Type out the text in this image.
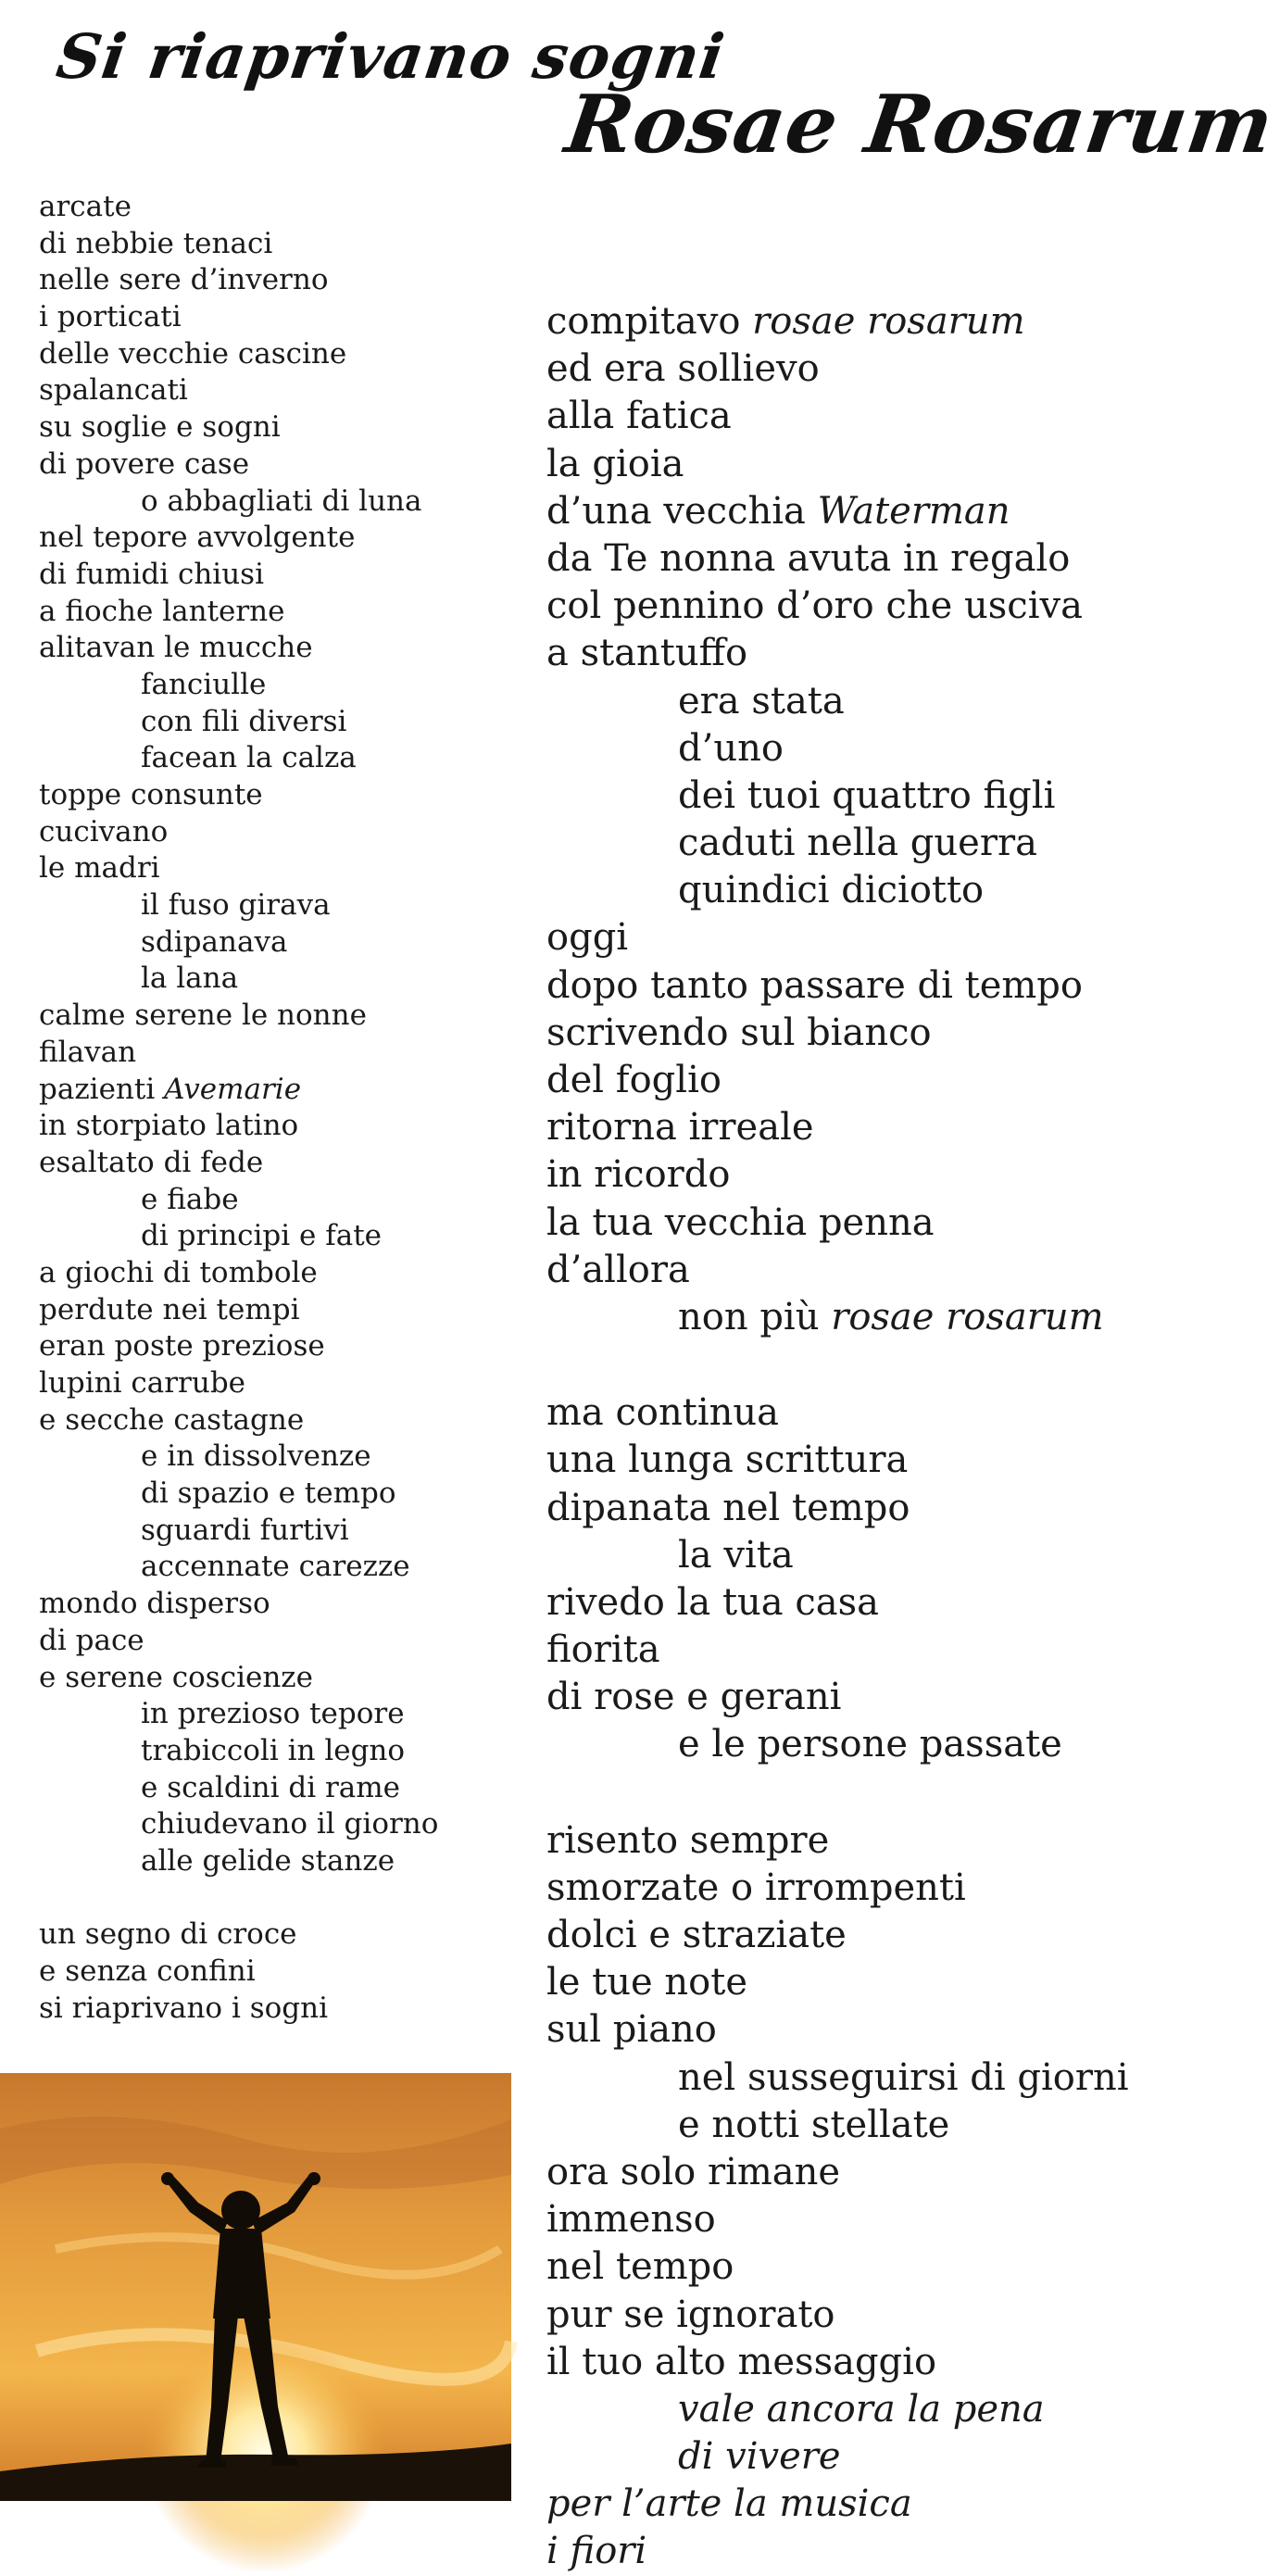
Si riaprivano sogni
Rosae Rosarum
arcate
di nebbie tenaci
nelle sere d’inverno
i porticati
delle vecchie cascine
spalancati
su soglie e sogni
di povere case
o abbagliati di luna
nel tepore avvolgente
di fumidi chiusi
a fioche lanterne
alitavan le mucche
fanciulle
con fili diversi
facean la calza
toppe consunte
cucivano
le madri
il fuso girava
sdipanava
la lana
calme serene le nonne
filavan
pazienti Avemarie
in storpiato latino
esaltato di fede
e fiabe
di principi e fate
a giochi di tombole
perdute nei tempi
eran poste preziose
lupini carrube
e secche castagne
e in dissolvenze
di spazio e tempo
sguardi furtivi
accennate carezze
mondo disperso
di pace
e serene coscienze
in prezioso tepore
trabiccoli in legno
e scaldini di rame
chiudevano il giorno
alle gelide stanze
un segno di croce
e senza confini
si riaprivano i sogni
compitavo rosae rosarum
ed era sollievo
alla fatica
la gioia
d’una vecchia Waterman
da Te nonna avuta in regalo
col pennino d’oro che usciva
a stantuffo
era stata
d’uno
dei tuoi quattro figli
caduti nella guerra
quindici diciotto
oggi
dopo tanto passare di tempo
scrivendo sul bianco
del foglio
ritorna irreale
in ricordo
la tua vecchia penna
d’allora
non più rosae rosarum
ma continua
una lunga scrittura
dipanata nel tempo
la vita
rivedo la tua casa
fiorita
di rose e gerani
e le persone passate
risento sempre
smorzate o irrompenti
dolci e straziate
le tue note
sul piano
nel susseguirsi di giorni
e notti stellate
ora solo rimane
immenso
nel tempo
pur se ignorato
il tuo alto messaggio
vale ancora la pena
di vivere
per l’arte la musica
i fiori
